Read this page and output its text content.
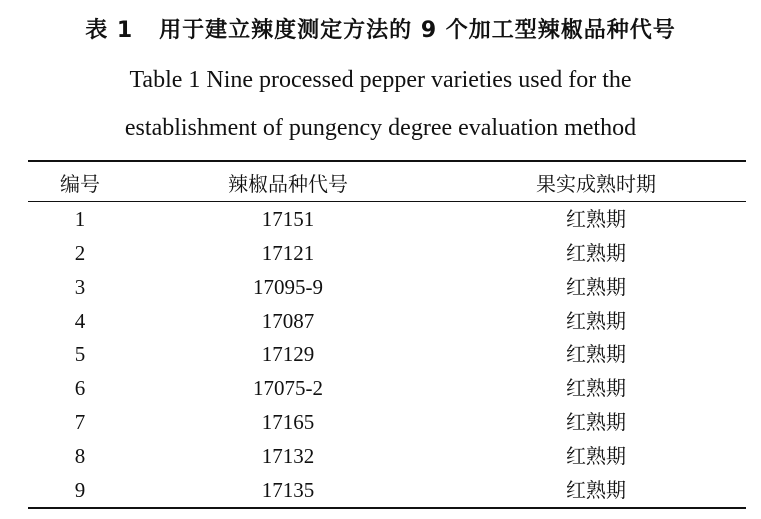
表 1 用于建立辣度测定方法的 9 个加工型辣椒品种代号
Table 1 Nine processed pepper varieties used for the
establishment of pungency degree evaluation method
编号	辣椒品种代号	果实成熟时期
1	17151	红熟期
2	17121	红熟期
3	17095-9	红熟期
4	17087	红熟期
5	17129	红熟期
6	17075-2	红熟期
7	17165	红熟期
8	17132	红熟期
9	17135	红熟期
